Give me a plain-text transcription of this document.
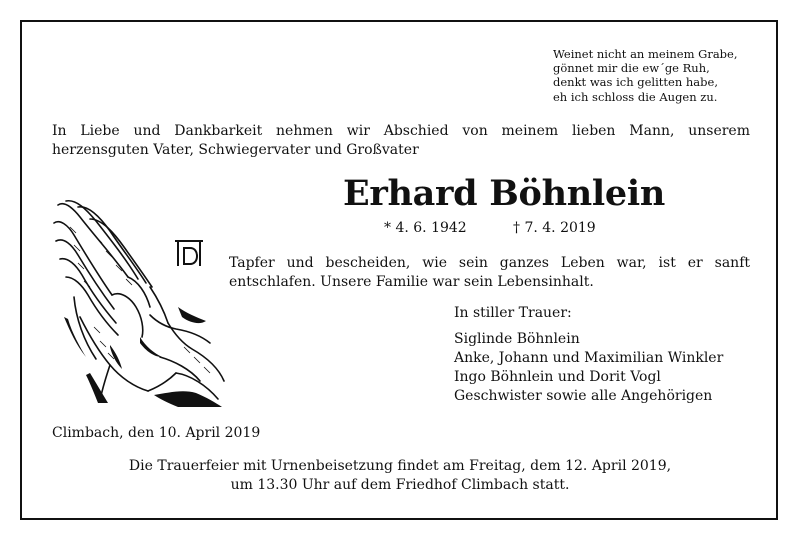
Weinet nicht an meinem Grabe,
gönnet mir die ew´ge Ruh,
denkt was ich gelitten habe,
eh ich schloss die Augen zu.
In Liebe und Dankbarkeit nehmen wir Abschied von meinem lieben Mann, unserem
herzensguten Vater, Schwiegervater und Großvater
Erhard Böhnlein
* 4. 6. 1942	† 7. 4. 2019
Tapfer und bescheiden, wie sein ganzes Leben war, ist er sanft
entschlafen. Unsere Familie war sein Lebensinhalt.
In stiller Trauer:
Siglinde Böhnlein
Anke, Johann und Maximilian Winkler
Ingo Böhnlein und Dorit Vogl
Geschwister sowie alle Angehörigen
Climbach, den 10. April 2019
Die Trauerfeier mit Urnenbeisetzung findet am Freitag, dem 12. April 2019,
um 13.30 Uhr auf dem Friedhof Climbach statt.
